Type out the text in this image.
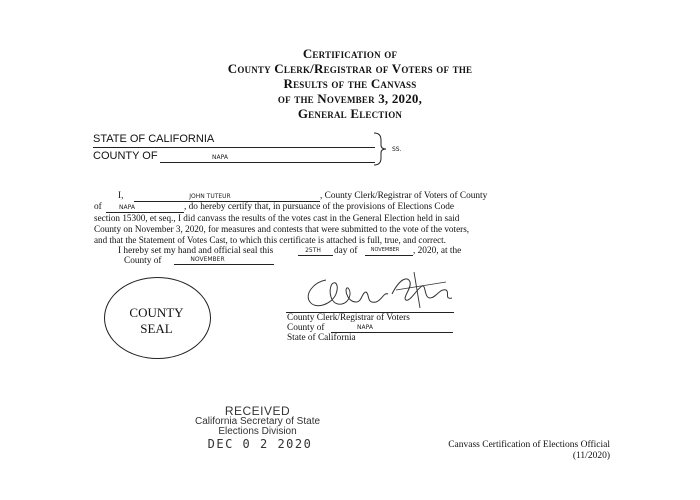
Certification of
County Clerk/Registrar of Voters of the
Results of the Canvass
of the November 3, 2020,
General Election
STATE OF CALIFORNIA
COUNTY OF	NAPA
SS.
I,	JOHN TUTEUR	, County Clerk/Registrar of Voters of County
of	NAPA	, do hereby certify that, in pursuance of the provisions of Elections Code
section 15300, et seq., I did canvass the results of the votes cast in the General Election held in said
County on November 3, 2020, for measures and contests that were submitted to the vote of the voters,
and that the Statement of Votes Cast, to which this certificate is attached is full, true, and correct.
I hereby set my hand and official seal this	25TH	day of	NOVEMBER	, 2020, at the
County of	NOVEMBER
COUNTY
SEAL
County Clerk/Registrar of Voters
County of	NAPA
State of California
RECEIVED
California Secretary of State
Elections Division
DEC 0 2 2020	Canvass Certification of Elections Official
(11/2020)
